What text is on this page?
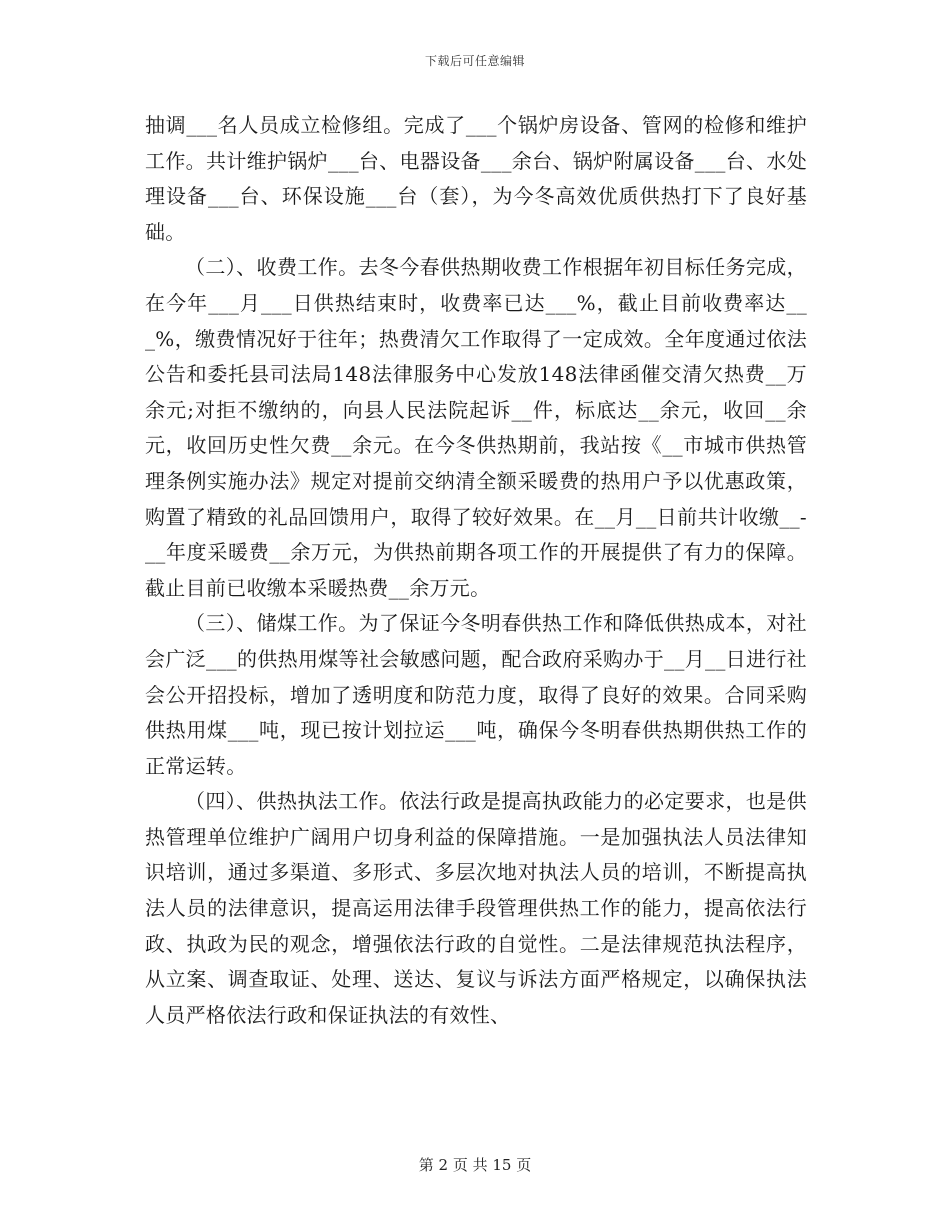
下载后可任意编辑

抽调___名人员成立检修组。完成了___个锅炉房设备、管网的检修和维护工作。共计维护锅炉___台、电器设备___余台、锅炉附属设备___台、水处理设备___台、环保设施___台（套），为今冬高效优质供热打下了良好基础。

（二）、收费工作。去冬今春供热期收费工作根据年初目标任务完成，在今年___月___日供热结束时，收费率已达___%，截止目前收费率达___%，缴费情况好于往年；热费清欠工作取得了一定成效。全年度通过依法公告和委托县司法局148法律服务中心发放148法律函催交清欠热费__万余元;对拒不缴纳的，向县人民法院起诉__件，标底达__余元，收回__余元，收回历史性欠费__余元。在今冬供热期前，我站按《__市城市供热管理条例实施办法》规定对提前交纳清全额采暖费的热用户予以优惠政策，购置了精致的礼品回馈用户，取得了较好效果。在__月__日前共计收缴__-__年度采暖费__余万元，为供热前期各项工作的开展提供了有力的保障。截止目前已收缴本采暖热费__余万元。

（三）、储煤工作。为了保证今冬明春供热工作和降低供热成本，对社会广泛___的供热用煤等社会敏感问题，配合政府采购办于__月__日进行社会公开招投标，增加了透明度和防范力度，取得了良好的效果。合同采购供热用煤___吨，现已按计划拉运___吨，确保今冬明春供热期供热工作的正常运转。

（四）、供热执法工作。依法行政是提高执政能力的必定要求，也是供热管理单位维护广阔用户切身利益的保障措施。一是加强执法人员法律知识培训，通过多渠道、多形式、多层次地对执法人员的培训，不断提高执法人员的法律意识，提高运用法律手段管理供热工作的能力，提高依法行政、执政为民的观念，增强依法行政的自觉性。二是法律规范执法程序，从立案、调查取证、处理、送达、复议与诉法方面严格规定，以确保执法人员严格依法行政和保证执法的有效性、

第 2 页 共 15 页
